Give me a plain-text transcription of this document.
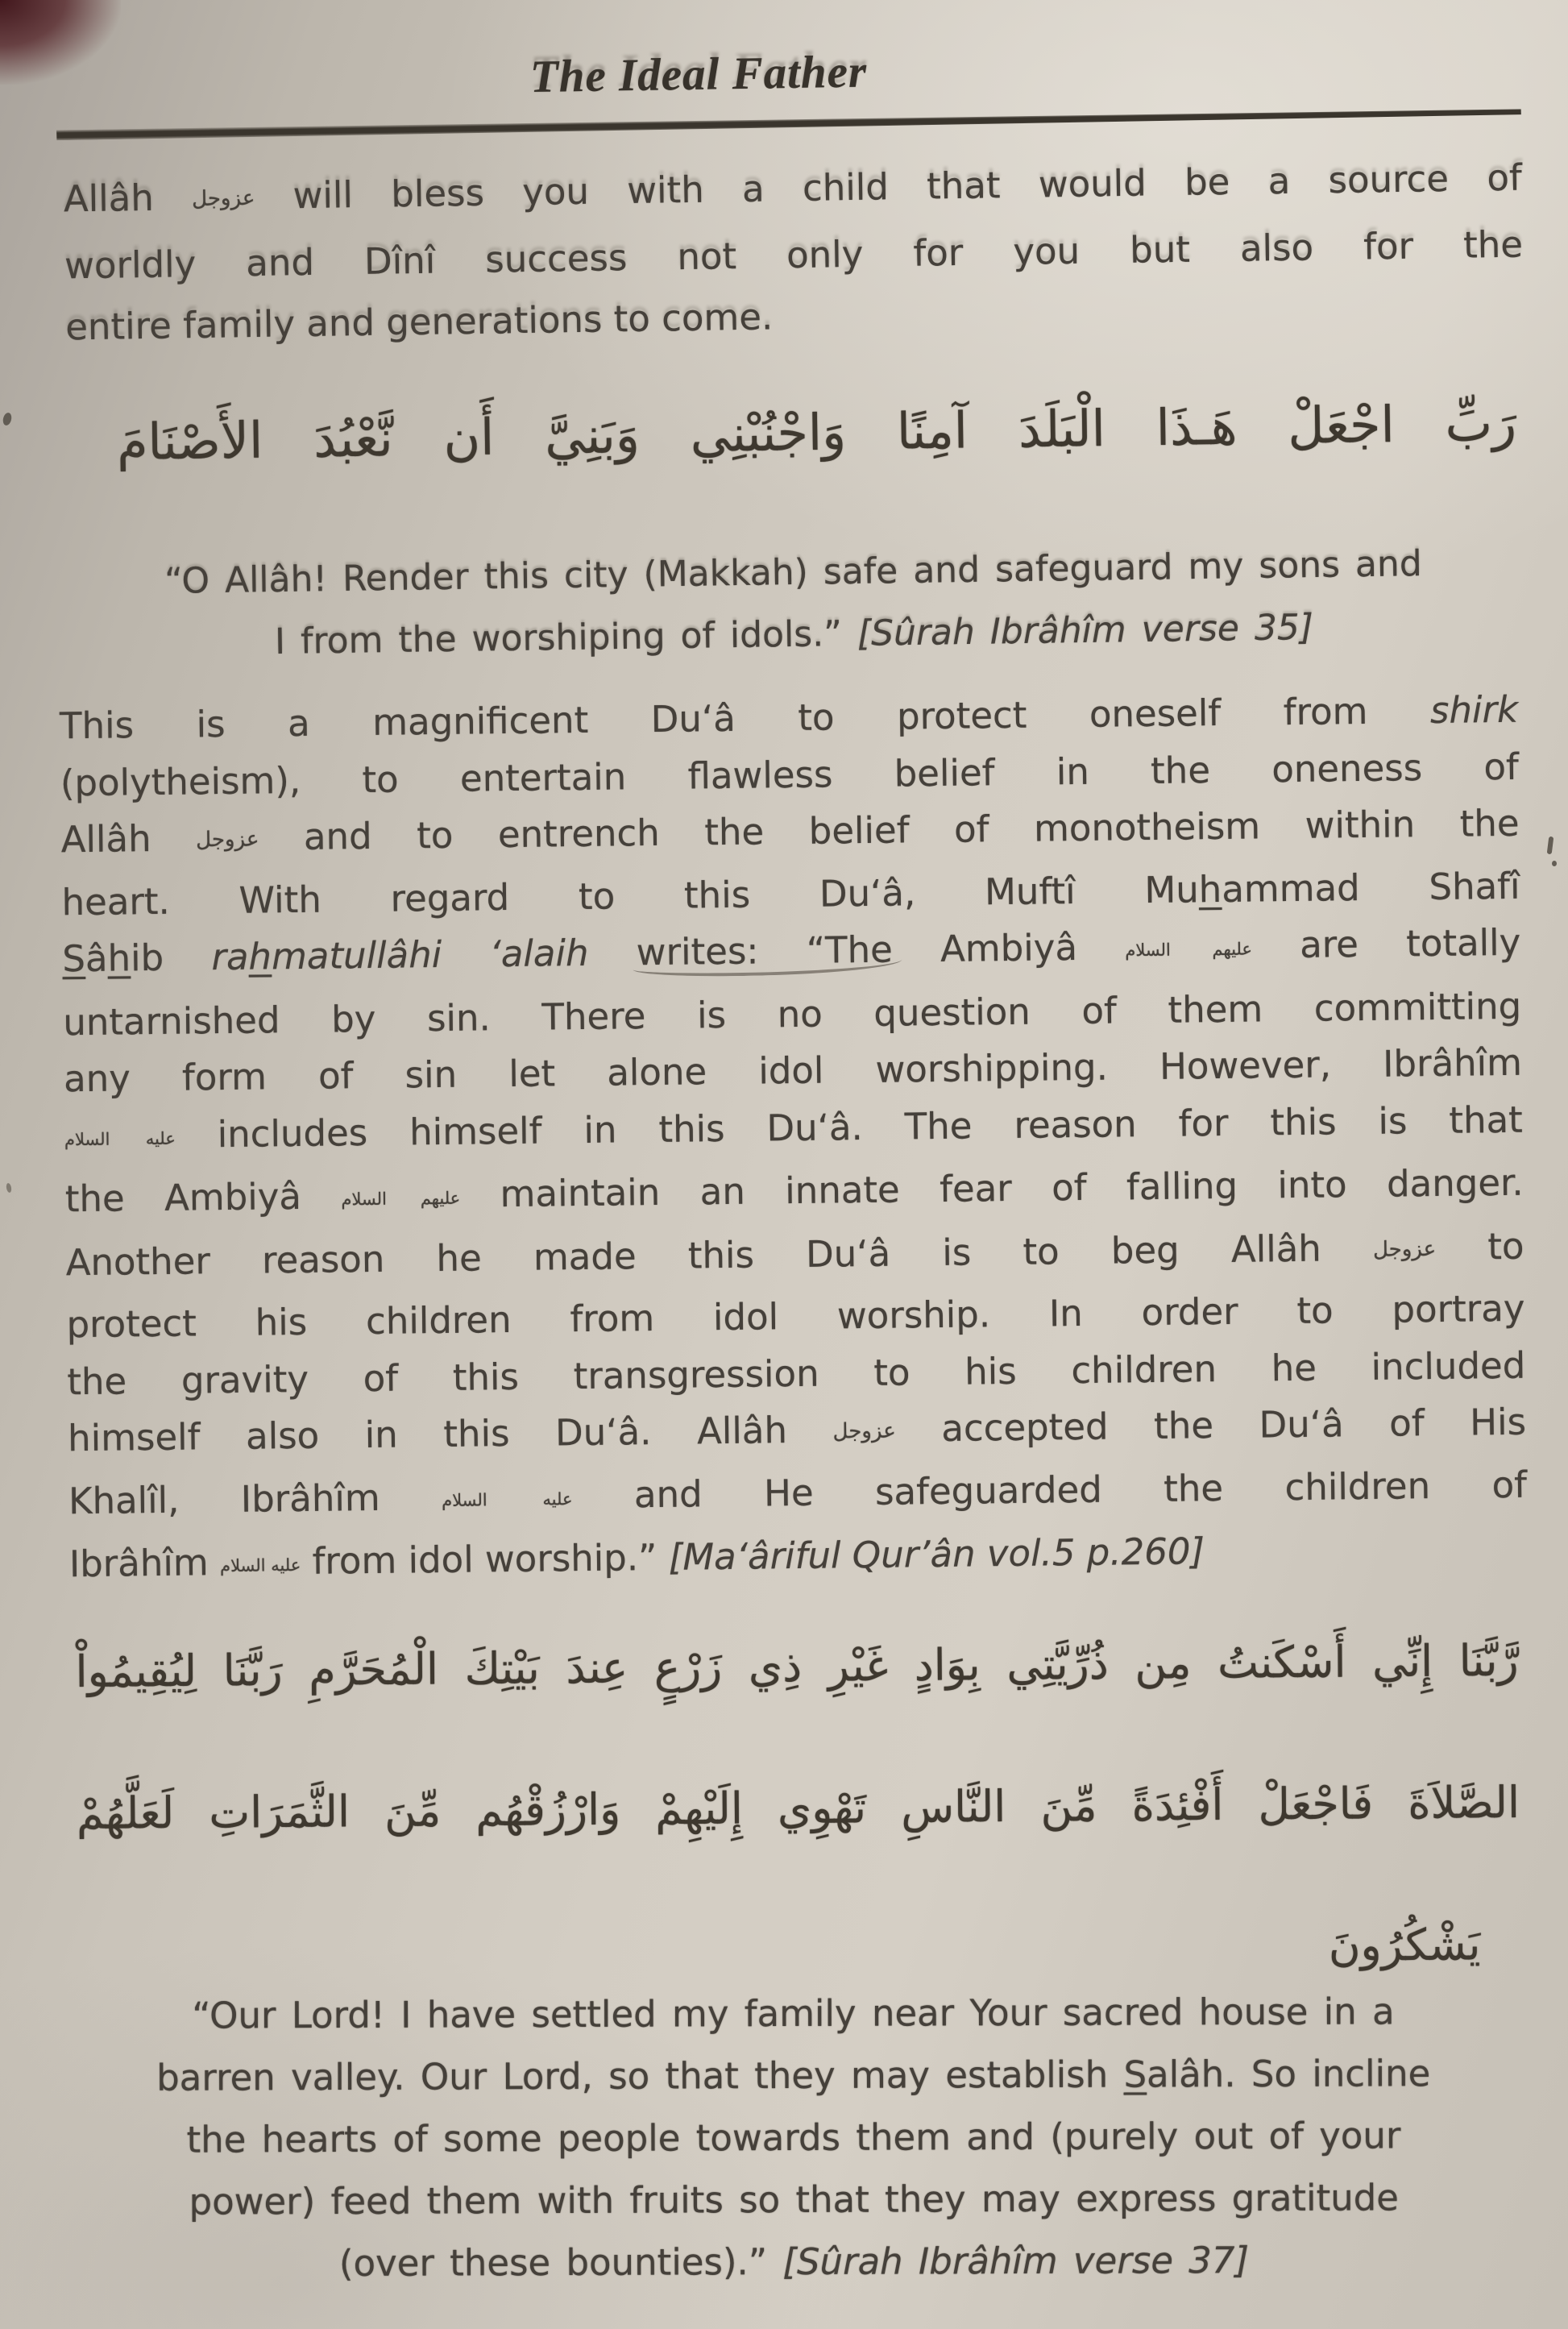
The Ideal Father
Allâh عزوجل will bless you with a child that would be a source of
worldly and Dînî success not only for you but also for the
entire family and generations to come.
رَبِّ اجْعَلْ هَـذَا الْبَلَدَ آمِنًا وَاجْنُبْنِي وَبَنِيَّ أَن نَّعْبُدَ الأَصْنَامَ
“O Allâh! Render this city (Makkah) safe and safeguard my sons and
I from the worshiping of idols.” [Sûrah Ibrâhîm verse 35]
This is a magnificent Du‘â to protect oneself from shirk
(polytheism), to entertain flawless belief in the oneness of
Allâh عزوجل and to entrench the belief of monotheism within the
heart. With regard to this Du‘â, Muftî Muhammad Shafî
Sâhib rahmatullâhi ‘alaih writes: “The Ambiyâ عليهم السلام are totally
untarnished by sin. There is no question of them committing
any form of sin let alone idol worshipping. However, Ibrâhîm
عليه السلام includes himself in this Du‘â. The reason for this is that
the Ambiyâ عليهم السلام maintain an innate fear of falling into danger.
Another reason he made this Du‘â is to beg Allâh عزوجل to
protect his children from idol worship. In order to portray
the gravity of this transgression to his children he included
himself also in this Du‘â. Allâh عزوجل accepted the Du‘â of His
Khalîl, Ibrâhîm عليه السلام and He safeguarded the children of
Ibrâhîm عليه السلام from idol worship.” [Ma‘âriful Qur’ân vol.5 p.260]
رَّبَّنَا إِنِّي أَسْكَنتُ مِن ذُرِّيَّتِي بِوَادٍ غَيْرِ ذِي زَرْعٍ عِندَ بَيْتِكَ الْمُحَرَّمِ رَبَّنَا لِيُقِيمُواْ
الصَّلاَةَ فَاجْعَلْ أَفْئِدَةً مِّنَ النَّاسِ تَهْوِي إِلَيْهِمْ وَارْزُقْهُم مِّنَ الثَّمَرَاتِ لَعَلَّهُمْ
يَشْكُرُونَ
“Our Lord! I have settled my family near Your sacred house in a
barren valley. Our Lord, so that they may establish Salâh. So incline
the hearts of some people towards them and (purely out of your
power) feed them with fruits so that they may express gratitude
(over these bounties).” [Sûrah Ibrâhîm verse 37]
